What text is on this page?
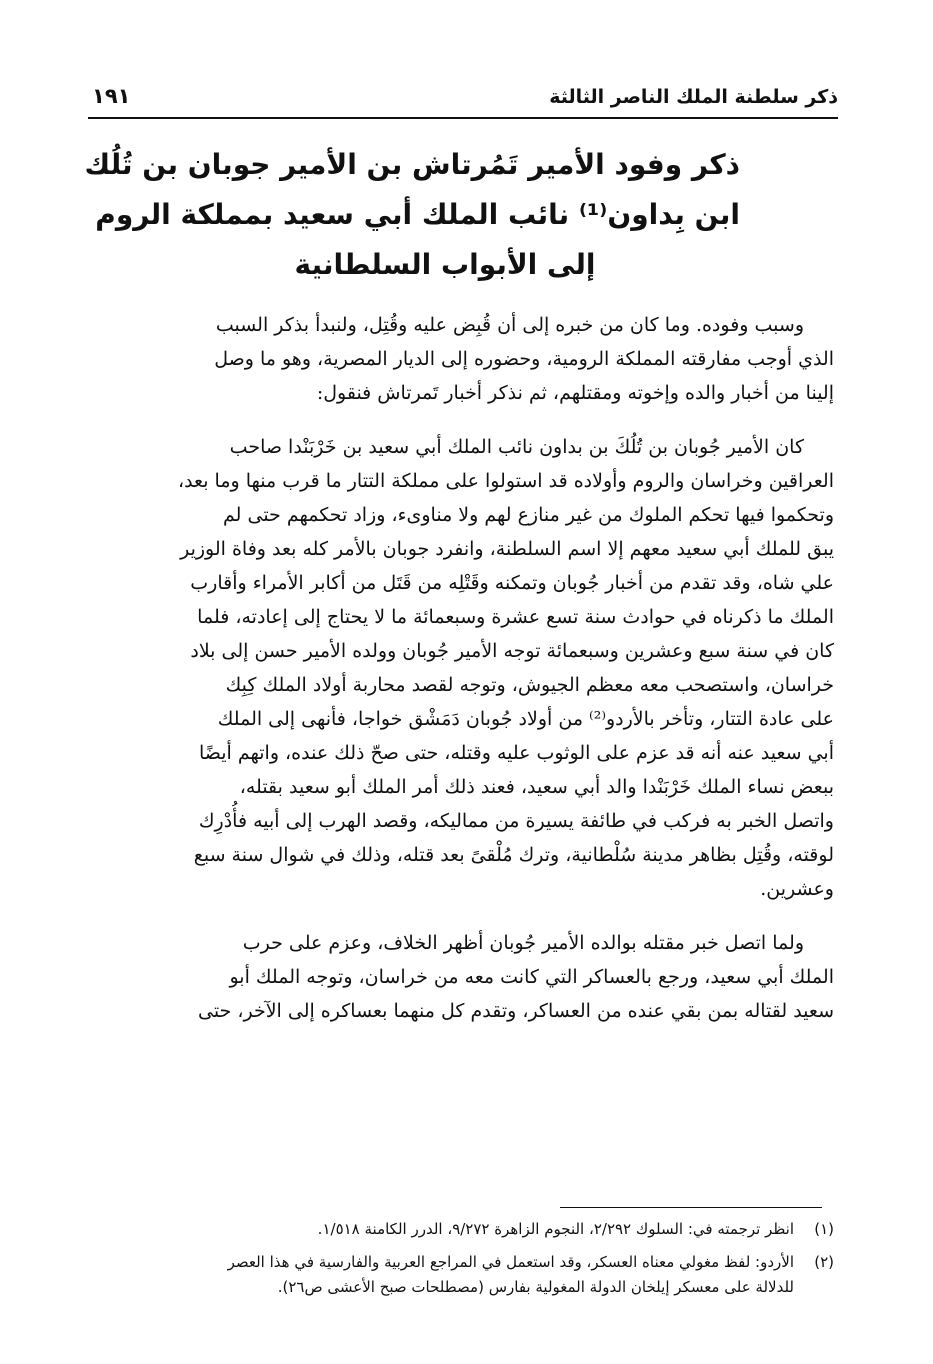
ذكر سلطنة الملك الناصر الثالثة
١٩١
ذكر وفود الأمير تَمُرتاش بن الأمير جوبان بن تُلُك
ابن بِداون⁽¹⁾ نائب الملك أبي سعيد بمملكة الروم
إلى الأبواب السلطانية

وسبب وفوده. وما كان من خبره إلى أن قُبِض عليه وقُتِل، ولنبدأ بذكر السبب
الذي أوجب مفارقته المملكة الرومية، وحضوره إلى الديار المصرية، وهو ما وصل
إلينا من أخبار والده وإخوته ومقتلهم، ثم نذكر أخبار تَمرتاش فنقول:

كان الأمير جُوبان بن تُلُكَ بن بداون نائب الملك أبي سعيد بن خَرْبَنْدا صاحب
العراقين وخراسان والروم وأولاده قد استولوا على مملكة التتار ما قرب منها وما بعد،
وتحكموا فيها تحكم الملوك من غير منازع لهم ولا مناوىء، وزاد تحكمهم حتى لم
يبق للملك أبي سعيد معهم إلا اسم السلطنة، وانفرد جوبان بالأمر كله بعد وفاة الوزير
علي شاه، وقد تقدم من أخبار جُوبان وتمكنه وقَتْلِه من قَتَل من أكابر الأمراء وأقارب
الملك ما ذكرناه في حوادث سنة تسع عشرة وسبعمائة ما لا يحتاج إلى إعادته، فلما
كان في سنة سبع وعشرين وسبعمائة توجه الأمير جُوبان وولده الأمير حسن إلى بلاد
خراسان، واستصحب معه معظم الجيوش، وتوجه لقصد محاربة أولاد الملك كِبِك
على عادة التتار، وتأخر بالأردو⁽²⁾ من أولاد جُوبان دَمَشْق خواجا، فأنهى إلى الملك
أبي سعيد عنه أنه قد عزم على الوثوب عليه وقتله، حتى صحّ ذلك عنده، واتهم أيضًا
ببعض نساء الملك خَرْبَنْدا والد أبي سعيد، فعند ذلك أمر الملك أبو سعيد بقتله،
واتصل الخبر به فركب في طائفة يسيرة من مماليكه، وقصد الهرب إلى أبيه فأُدْرِك
لوقته، وقُتِل بظاهر مدينة سُلْطانية، وترك مُلْقىً بعد قتله، وذلك في شوال سنة سبع
وعشرين.

ولما اتصل خبر مقتله بوالده الأمير جُوبان أظهر الخلاف، وعزم على حرب
الملك أبي سعيد، ورجع بالعساكر التي كانت معه من خراسان، وتوجه الملك أبو
سعيد لقتاله بمن بقي عنده من العساكر، وتقدم كل منهما بعساكره إلى الآخر، حتى

(١)
انظر ترجمته في: السلوك ٢/٢٩٢، النجوم الزاهرة ٩/٢٧٢، الدرر الكامنة ١/٥١٨.
(٢)
الأردو: لفظ مغولي معناه العسكر، وقد استعمل في المراجع العربية والفارسية في هذا العصر
للدلالة على معسكر إيلخان الدولة المغولية بفارس (مصطلحات صبح الأعشى ص٢٦).
